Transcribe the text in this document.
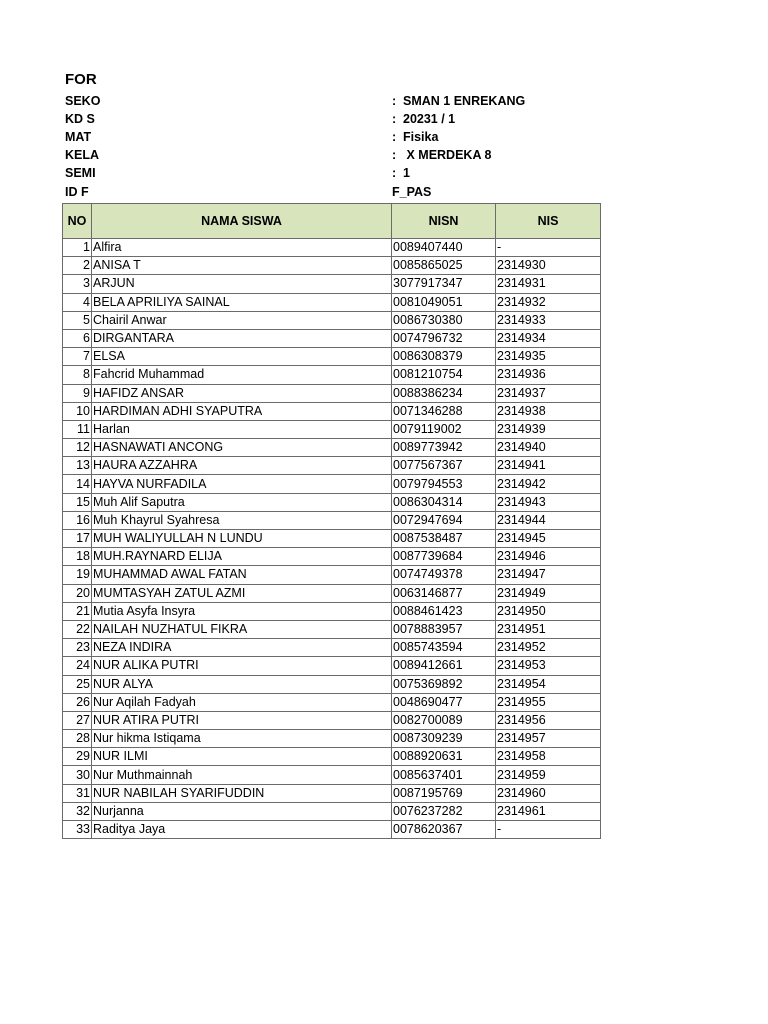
FOR
SEKO	: SMAN 1 ENREKANG
KD S	: 20231 / 1
MAT	: Fisika
KELA	: X MERDEKA 8
SEMI	: 1
ID F	F_PAS
NO	NAMA SISWA	NISN	NIS
1	Alfira	0089407440	-
2	ANISA T	0085865025	2314930
3	ARJUN	3077917347	2314931
4	BELA APRILIYA SAINAL	0081049051	2314932
5	Chairil Anwar	0086730380	2314933
6	DIRGANTARA	0074796732	2314934
7	ELSA	0086308379	2314935
8	Fahcrid Muhammad	0081210754	2314936
9	HAFIDZ ANSAR	0088386234	2314937
10	HARDIMAN ADHI SYAPUTRA	0071346288	2314938
11	Harlan	0079119002	2314939
12	HASNAWATI ANCONG	0089773942	2314940
13	HAURA AZZAHRA	0077567367	2314941
14	HAYVA NURFADILA	0079794553	2314942
15	Muh Alif Saputra	0086304314	2314943
16	Muh Khayrul Syahresa	0072947694	2314944
17	MUH WALIYULLAH N LUNDU	0087538487	2314945
18	MUH.RAYNARD ELIJA	0087739684	2314946
19	MUHAMMAD AWAL FATAN	0074749378	2314947
20	MUMTASYAH ZATUL AZMI	0063146877	2314949
21	Mutia Asyfa Insyra	0088461423	2314950
22	NAILAH NUZHATUL FIKRA	0078883957	2314951
23	NEZA INDIRA	0085743594	2314952
24	NUR ALIKA PUTRI	0089412661	2314953
25	NUR ALYA	0075369892	2314954
26	Nur Aqilah Fadyah	0048690477	2314955
27	NUR ATIRA PUTRI	0082700089	2314956
28	Nur hikma Istiqama	0087309239	2314957
29	NUR ILMI	0088920631	2314958
30	Nur Muthmainnah	0085637401	2314959
31	NUR NABILAH SYARIFUDDIN	0087195769	2314960
32	Nurjanna	0076237282	2314961
33	Raditya Jaya	0078620367	-
